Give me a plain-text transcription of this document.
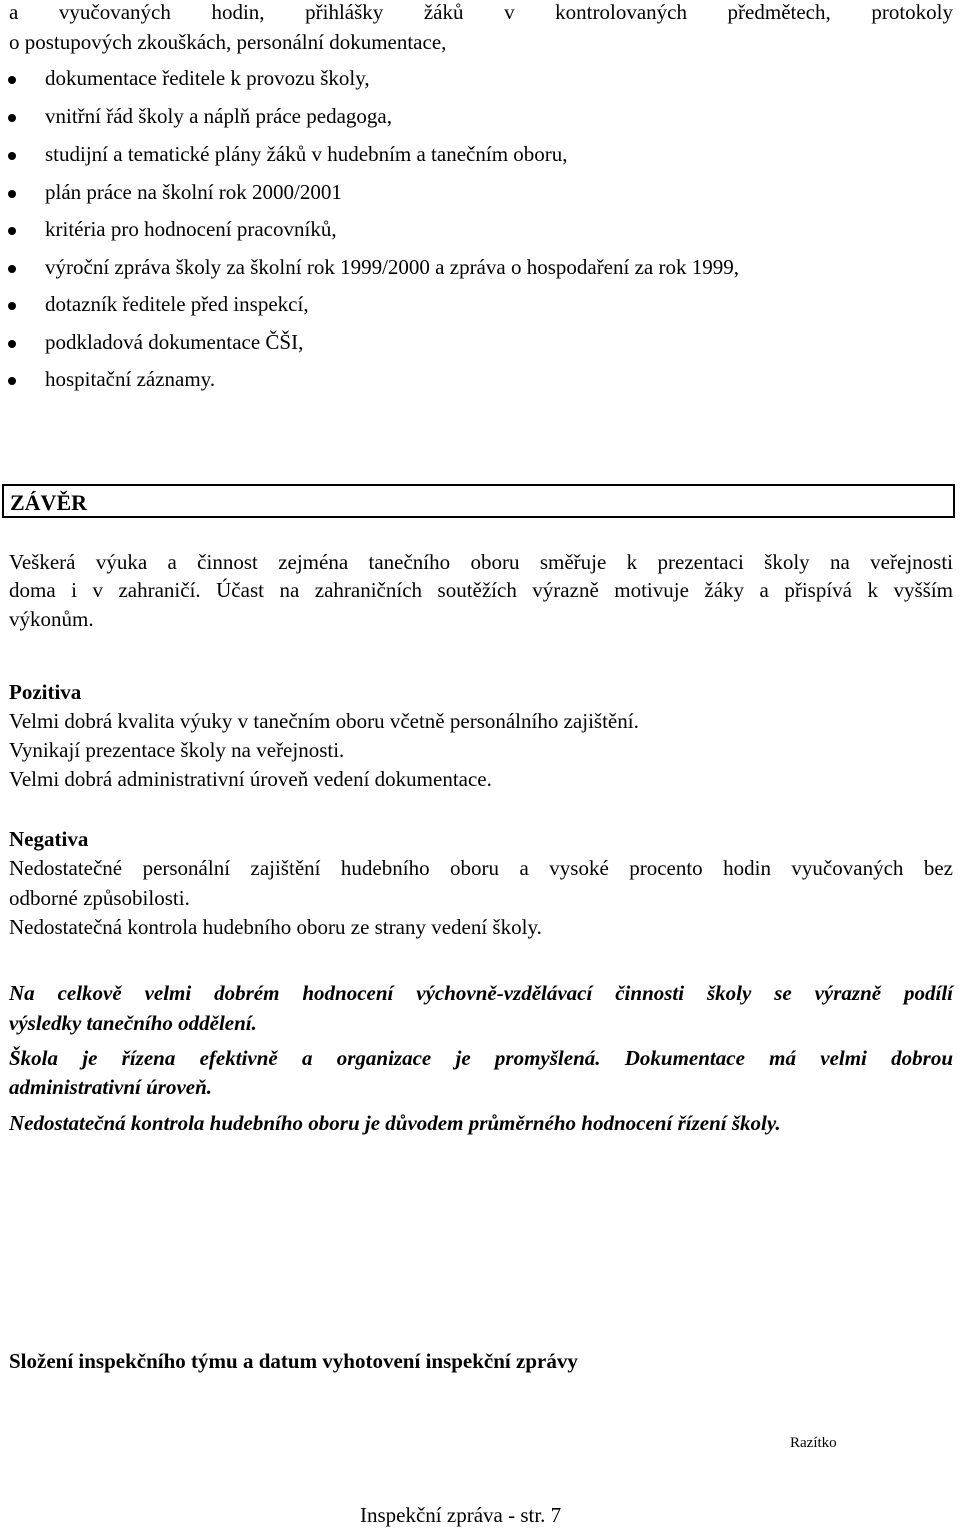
a vyučovaných hodin, přihlášky žáků v kontrolovaných předmětech, protokoly
o postupových zkouškách, personální dokumentace,
dokumentace ředitele k provozu školy,
vnitřní řád školy a náplň práce pedagoga,
studijní a tematické plány žáků v hudebním a tanečním oboru,
plán práce na školní rok 2000/2001
kritéria pro hodnocení pracovníků,
výroční zpráva školy za školní rok 1999/2000 a zpráva o hospodaření za rok 1999,
dotazník ředitele před inspekcí,
podkladová dokumentace ČŠI,
hospitační záznamy.
ZÁVĚR
Veškerá výuka a činnost zejména tanečního oboru směřuje k prezentaci školy na veřejnosti
doma i v zahraničí. Účast na zahraničních soutěžích výrazně motivuje žáky a přispívá k vyšším
výkonům.
Pozitiva
Velmi dobrá kvalita výuky v tanečním oboru včetně personálního zajištění.
Vynikají prezentace školy na veřejnosti.
Velmi dobrá administrativní úroveň vedení dokumentace.
Negativa
Nedostatečné personální zajištění hudebního oboru a vysoké procento hodin vyučovaných bez
odborné způsobilosti.
Nedostatečná kontrola hudebního oboru ze strany vedení školy.
Na celkově velmi dobrém hodnocení výchovně-vzdělávací činnosti školy se výrazně podílí
výsledky tanečního oddělení.
Škola je řízena efektivně a organizace je promyšlená. Dokumentace má velmi dobrou
administrativní úroveň.
Nedostatečná kontrola hudebního oboru je důvodem průměrného hodnocení řízení školy.
Složení inspekčního týmu a datum vyhotovení inspekční zprávy
Razítko
Inspekční zpráva - str. 7
